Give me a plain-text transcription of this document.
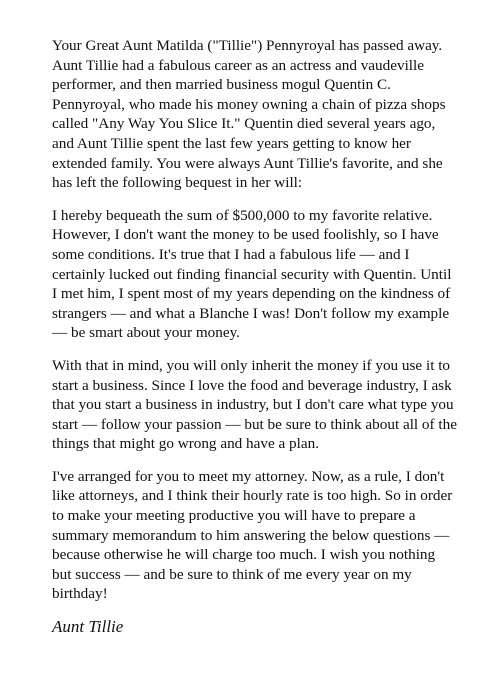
Your Great Aunt Matilda ("Tillie") Pennyroyal has passed away. Aunt Tillie had a fabulous career as an actress and vaudeville performer, and then married business mogul Quentin C. Pennyroyal, who made his money owning a chain of pizza shops called "Any Way You Slice It." Quentin died several years ago, and Aunt Tillie spent the last few years getting to know her extended family. You were always Aunt Tillie's favorite, and she has left the following bequest in her will:

I hereby bequeath the sum of $500,000 to my favorite relative. However, I don't want the money to be used foolishly, so I have some conditions. It's true that I had a fabulous life — and I certainly lucked out finding financial security with Quentin. Until I met him, I spent most of my years depending on the kindness of strangers — and what a Blanche I was! Don't follow my example — be smart about your money.

With that in mind, you will only inherit the money if you use it to start a business. Since I love the food and beverage industry, I ask that you start a business in industry, but I don't care what type you start — follow your passion — but be sure to think about all of the things that might go wrong and have a plan.

I've arranged for you to meet my attorney. Now, as a rule, I don't like attorneys, and I think their hourly rate is too high. So in order to make your meeting productive you will have to prepare a summary memorandum to him answering the below questions — because otherwise he will charge too much. I wish you nothing but success — and be sure to think of me every year on my birthday!

Aunt Tillie
